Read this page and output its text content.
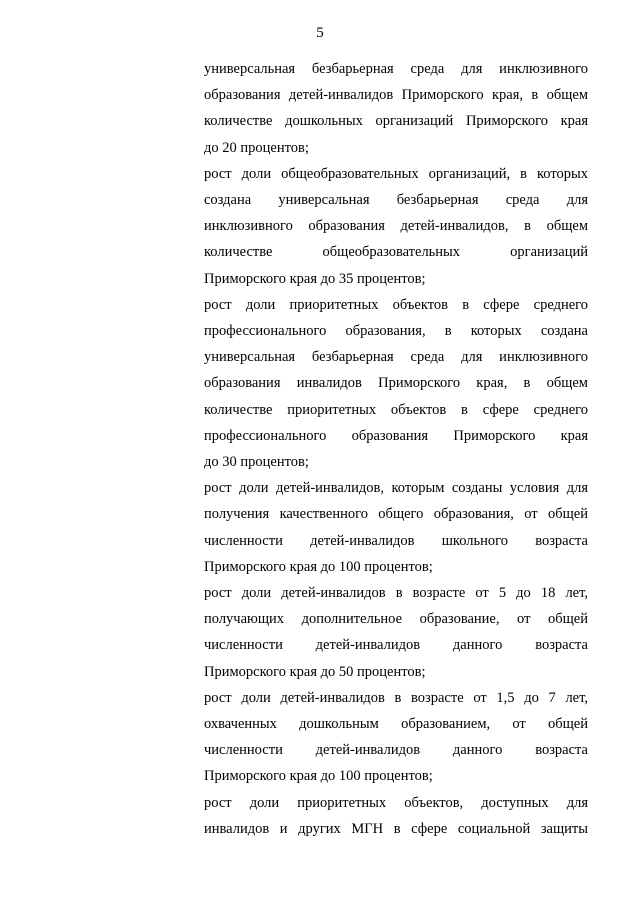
5
универсальная безбарьерная среда для инклюзивного
образования детей-инвалидов Приморского края, в общем
количестве дошкольных организаций Приморского края
до 20 процентов;
рост доли общеобразовательных организаций, в которых
создана универсальная безбарьерная среда для
инклюзивного образования детей-инвалидов, в общем
количестве общеобразовательных организаций
Приморского края до 35 процентов;
рост доли приоритетных объектов в сфере среднего
профессионального образования, в которых создана
универсальная безбарьерная среда для инклюзивного
образования инвалидов Приморского края, в общем
количестве приоритетных объектов в сфере среднего
профессионального образования Приморского края
до 30 процентов;
рост доли детей-инвалидов, которым созданы условия для
получения качественного общего образования, от общей
численности детей-инвалидов школьного возраста
Приморского края до 100 процентов;
рост доли детей-инвалидов в возрасте от 5 до 18 лет,
получающих дополнительное образование, от общей
численности детей-инвалидов данного возраста
Приморского края до 50 процентов;
рост доли детей-инвалидов в возрасте от 1,5 до 7 лет,
охваченных дошкольным образованием, от общей
численности детей-инвалидов данного возраста
Приморского края до 100 процентов;
рост доли приоритетных объектов, доступных для
инвалидов и других МГН в сфере социальной защиты
